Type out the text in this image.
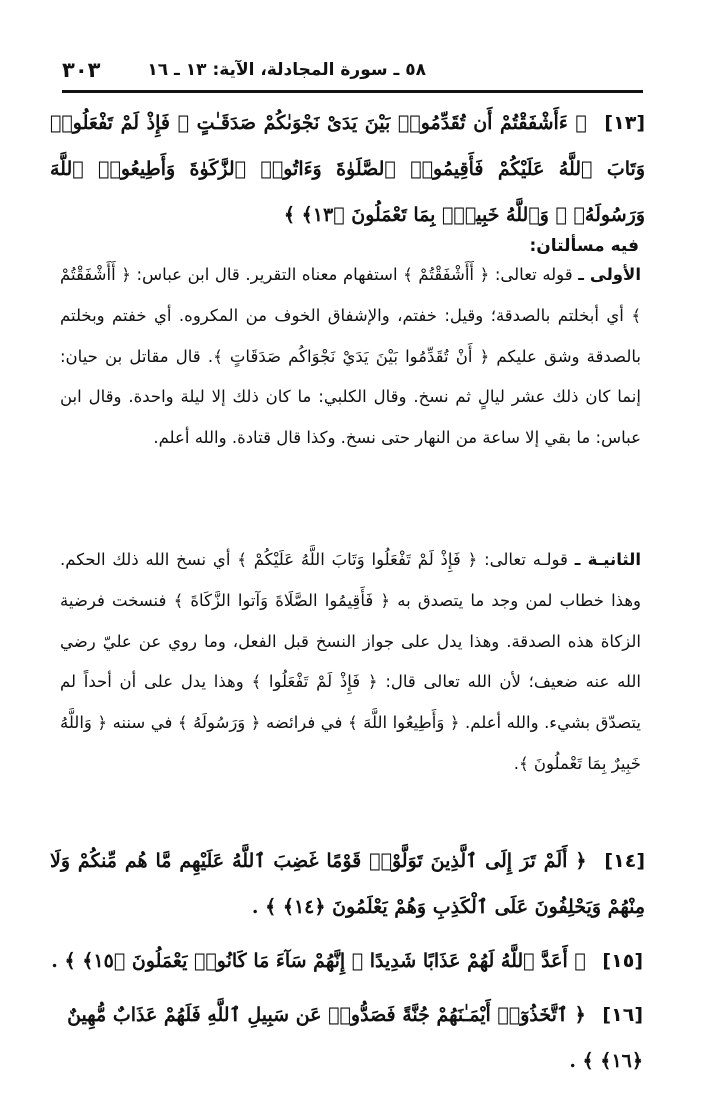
٣٠٣	٥٨ ـ سورة المجادلة، الآية: ١٣ ـ ١٦
[١٣] ﴿ ءَأَشْفَقْتُمْ أَن تُقَدِّمُوا۟ بَيْنَ يَدَىْ نَجْوَىٰكُمْ صَدَقَـٰتٍ ۚ فَإِذْ لَمْ تَفْعَلُوا۟ وَتَابَ ٱللَّهُ عَلَيْكُمْ فَأَقِيمُوا۟ ٱلصَّلَوٰةَ وَءَاتُوا۟ ٱلزَّكَوٰةَ وَأَطِيعُوا۟ ٱللَّهَ وَرَسُولَهُۥ ۚ وَٱللَّهُ خَبِيرٌۢ بِمَا تَعْمَلُونَ ﴿١٣﴾ ﴾
فيه مسألتان:
الأولى ـ قوله تعالى: ﴿ أَأَشْفَقْتُمْ ﴾ استفهام معناه التقرير. قال ابن عباس: ﴿ أَأَشْفَقْتُمْ ﴾ أي أبخلتم بالصدقة؛ وقيل: خفتم، والإشفاق الخوف من المكروه. أي خفتم وبخلتم بالصدقة وشق عليكم ﴿ أَنْ تُقَدِّمُوا بَيْنَ يَدَيْ نَجْوَاكُم صَدَقَاتٍ ﴾. قال مقاتل بن حيان: إنما كان ذلك عشر ليالٍ ثم نسخ. وقال الكلبي: ما كان ذلك إلا ليلة واحدة. وقال ابن عباس: ما بقي إلا ساعة من النهار حتى نسخ. وكذا قال قتادة. والله أعلم.
الثانيـة ـ قولـه تعالى: ﴿ فَإِذْ لَمْ تَفْعَلُوا وَتَابَ اللَّهُ عَلَيْكُمْ ﴾ أي نسخ الله ذلك الحكم. وهذا خطاب لمن وجد ما يتصدق به ﴿ فَأَقِيمُوا الصَّلَاةَ وَآتوا الزَّكَاةَ ﴾ فنسخت فرضية الزكاة هذه الصدقة. وهذا يدل على جواز النسخ قبل الفعل، وما روي عن عليّ رضي الله عنه ضعيف؛ لأن الله تعالى قال: ﴿ فَإِذْ لَمْ تَفْعَلُوا ﴾ وهذا يدل على أن أحداً لم يتصدّق بشيء. والله أعلم. ﴿ وَأَطِيعُوا اللَّهَ ﴾ في فرائضه ﴿ وَرَسُولَهُ ﴾ في سننه ﴿ وَاللَّهُ خَبِيرٌ بِمَا تَعْملُونَ ﴾.
[١٤] ﴿ أَلَمْ تَرَ إِلَى ٱلَّذِينَ تَوَلَّوْا۟ قَوْمًا غَضِبَ ٱللَّهُ عَلَيْهِم مَّا هُم مِّنكُمْ وَلَا مِنْهُمْ وَيَحْلِفُونَ عَلَى ٱلْكَذِبِ وَهُمْ يَعْلَمُونَ ﴿١٤﴾ ﴾ .
[١٥] ﴿ أَعَدَّ ٱللَّهُ لَهُمْ عَذَابًا شَدِيدًا ۖ إِنَّهُمْ سَآءَ مَا كَانُوا۟ يَعْمَلُونَ ﴿١٥﴾ ﴾ .
[١٦] ﴿ ٱتَّخَذُوٓا۟ أَيْمَـٰنَهُمْ جُنَّةً فَصَدُّوا۟ عَن سَبِيلِ ٱللَّهِ فَلَهُمْ عَذَابٌ مُّهِينٌ ﴿١٦﴾ ﴾ .
